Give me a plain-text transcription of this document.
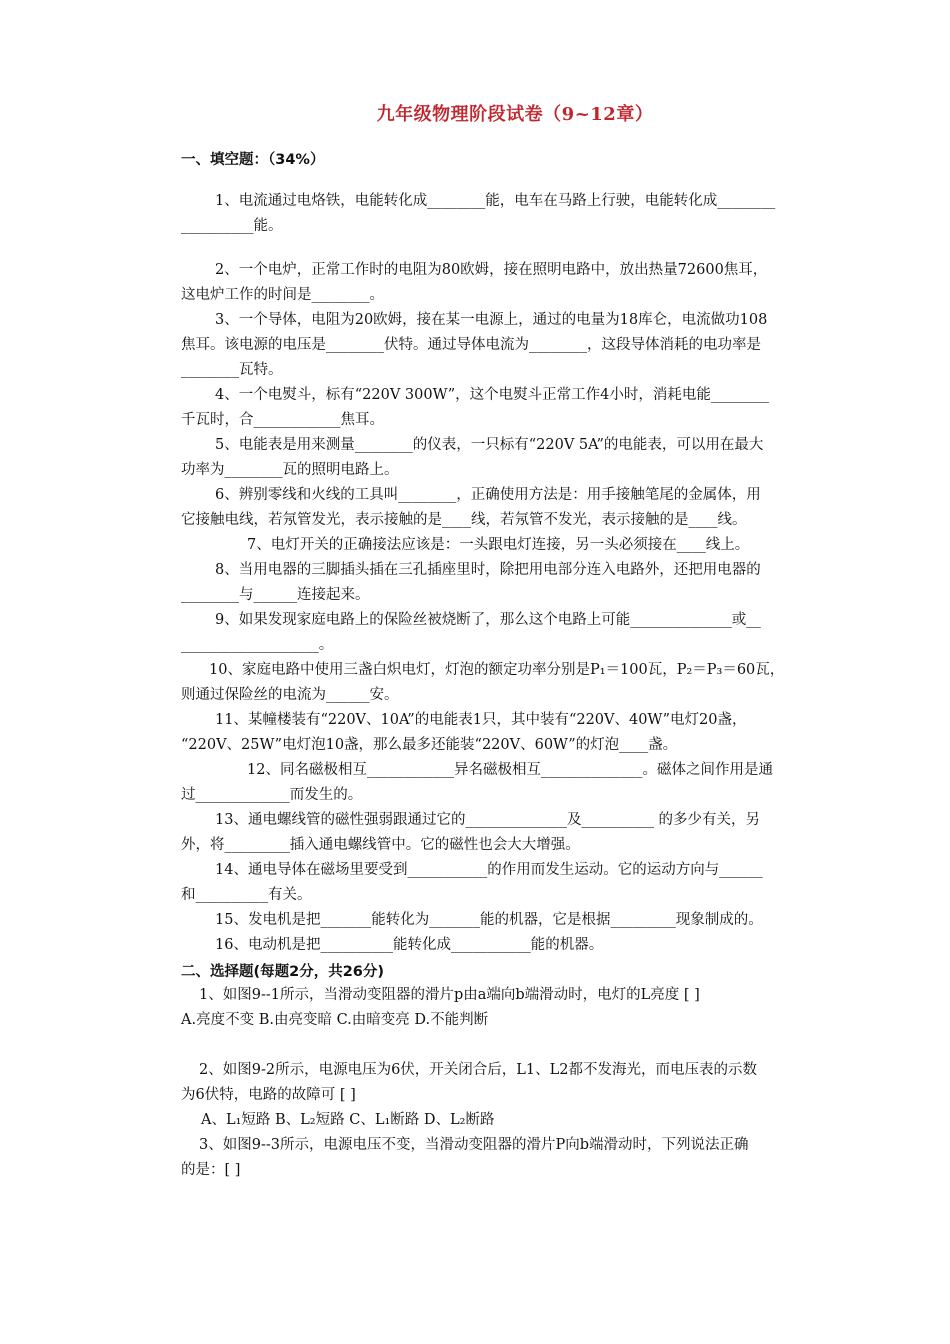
九年级物理阶段试卷（9~12章）
一、填空题：（34%）
1、电流通过电烙铁，电能转化成________能，电车在马路上行驶，电能转化成________
__________能。
2、一个电炉，正常工作时的电阻为80欧姆，接在照明电路中，放出热量72600焦耳，
这电炉工作的时间是________。
3、一个导体，电阻为20欧姆，接在某一电源上，通过的电量为18库仑，电流做功108
焦耳。该电源的电压是________伏特。通过导体电流为________，这段导体消耗的电功率是
________瓦特。
4、一个电熨斗，标有“220V 300W”，这个电熨斗正常工作4小时，消耗电能________
千瓦时，合____________焦耳。
5、电能表是用来测量________的仪表，一只标有“220V 5A”的电能表，可以用在最大
功率为________瓦的照明电路上。
6、辨别零线和火线的工具叫________，正确使用方法是：用手接触笔尾的金属体，用
它接触电线，若氖管发光，表示接触的是____线，若氖管不发光，表示接触的是____线。
7、电灯开关的正确接法应该是：一头跟电灯连接，另一头必须接在____线上。
8、当用电器的三脚插头插在三孔插座里时，除把用电部分连入电路外，还把用电器的
________与______连接起来。
9、如果发现家庭电路上的保险丝被烧断了，那么这个电路上可能______________或__
___________________。
10、家庭电路中使用三盏白炽电灯，灯泡的额定功率分别是P₁＝100瓦，P₂＝P₃＝60瓦，
则通过保险丝的电流为______安。
11、某幢楼装有“220V、10A”的电能表1只，其中装有“220V、40W”电灯20盏，
“220V、25W”电灯泡10盏，那么最多还能装“220V、60W”的灯泡____盏。
12、同名磁极相互____________异名磁极相互______________。磁体之间作用是通
过_____________而发生的。
13、通电螺线管的磁性强弱跟通过它的______________及__________ 的多少有关，另
外，将_________插入通电螺线管中。它的磁性也会大大增强。
14、通电导体在磁场里要受到___________的作用而发生运动。它的运动方向与______
和__________有关。
15、发电机是把_______能转化为_______能的机器，它是根据_________现象制成的。
16、电动机是把__________能转化成___________能的机器。
二、选择题(每题2分，共26分)
1、如图9--1所示，当滑动变阻器的滑片p由a端向b端滑动时，电灯的L亮度 [ ]
A.亮度不变 B.由亮变暗 C.由暗变亮 D.不能判断
2、如图9-2所示，电源电压为6伏，开关闭合后，L1、L2都不发海光，而电压表的示数
为6伏特，电路的故障可 [ ]
A、L₁短路 B、L₂短路 C、L₁断路 D、L₂断路
3、如图9--3所示，电源电压不变，当滑动变阻器的滑片P向b端滑动时，下列说法正确
的是：[ ]
